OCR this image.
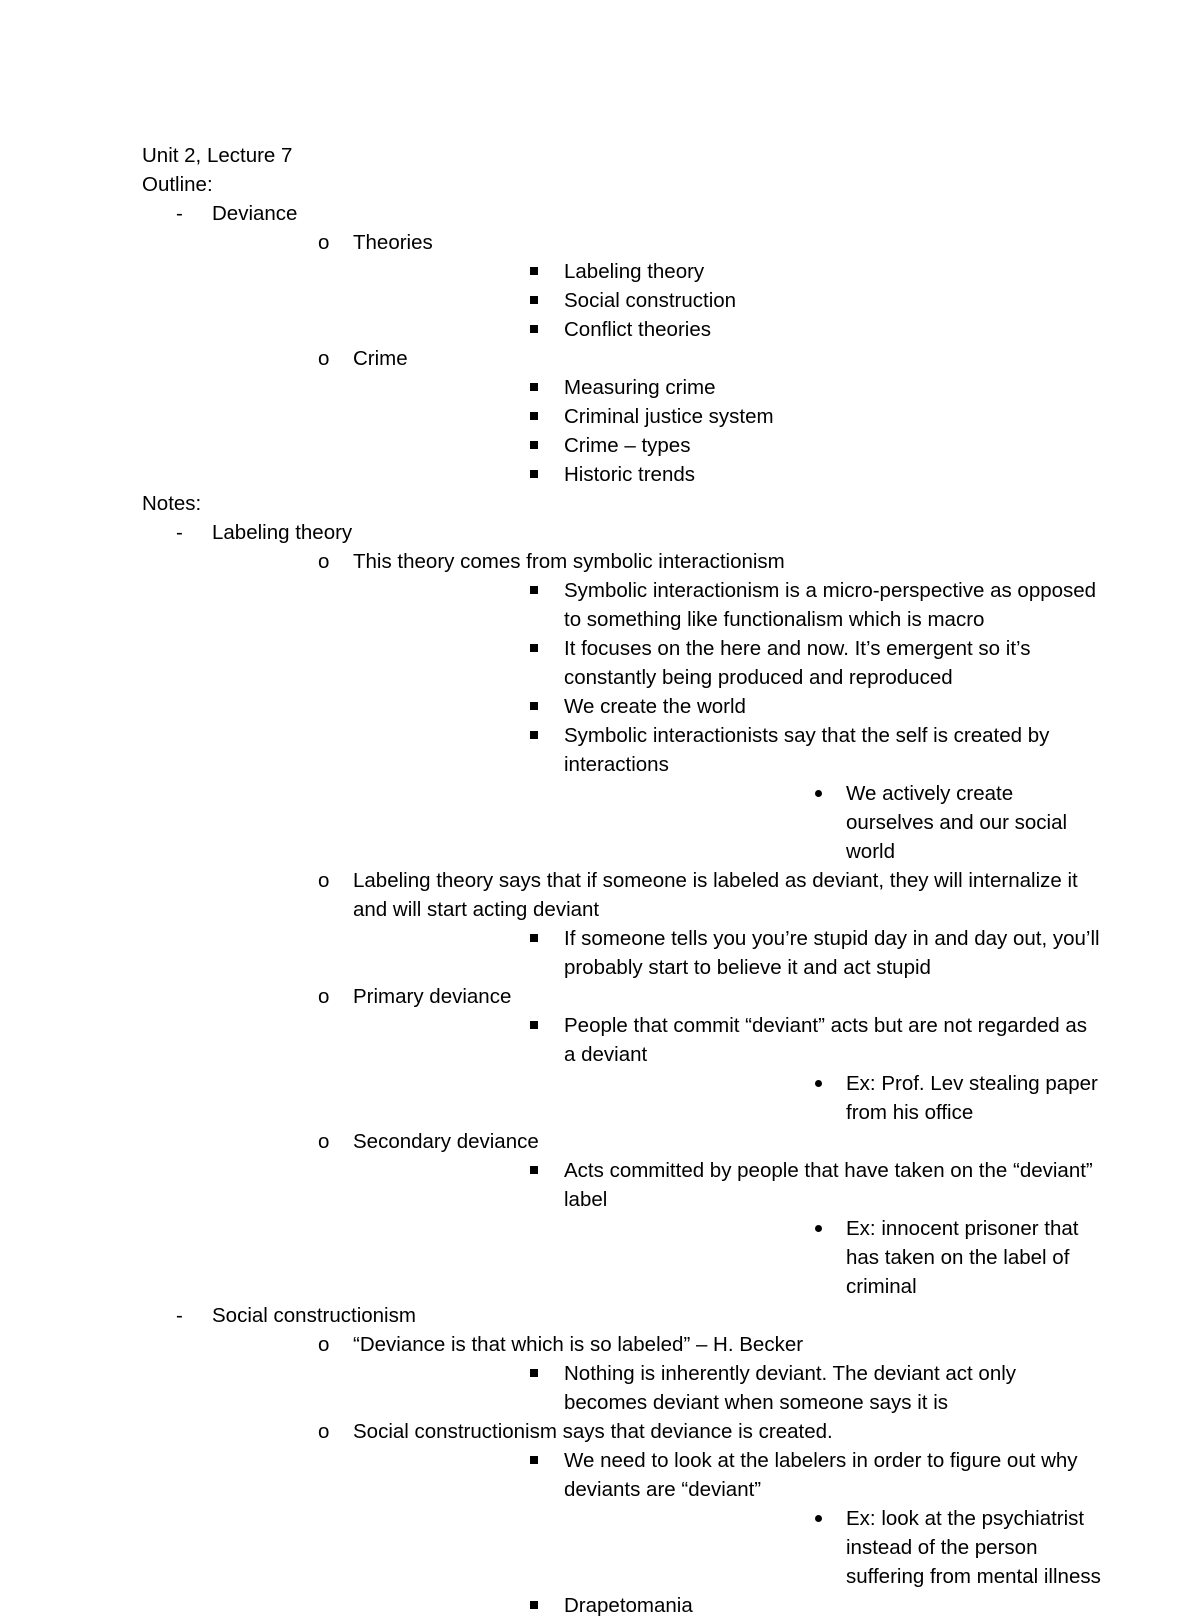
Unit 2, Lecture 7

Outline:

- Deviance
o Theories
Labeling theory
Social construction
Conflict theories
o Crime
Measuring crime
Criminal justice system
Crime – types
Historic trends

Notes:

- Labeling theory
o This theory comes from symbolic interactionism
Symbolic interactionism is a micro-perspective as opposed to something like functionalism which is macro
It focuses on the here and now. It’s emergent so it’s constantly being produced and reproduced
We create the world
Symbolic interactionists say that the self is created by interactions
We actively create ourselves and our social world
o Labeling theory says that if someone is labeled as deviant, they will internalize it and will start acting deviant
If someone tells you you’re stupid day in and day out, you’ll probably start to believe it and act stupid
o Primary deviance
People that commit “deviant” acts but are not regarded as a deviant
Ex: Prof. Lev stealing paper from his office
o Secondary deviance
Acts committed by people that have taken on the “deviant” label
Ex: innocent prisoner that has taken on the label of criminal
- Social constructionism
o “Deviance is that which is so labeled” – H. Becker
Nothing is inherently deviant. The deviant act only becomes deviant when someone says it is
o Social constructionism says that deviance is created.
We need to look at the labelers in order to figure out why deviants are “deviant”
Ex: look at the psychiatrist instead of the person suffering from mental illness
Drapetomania
